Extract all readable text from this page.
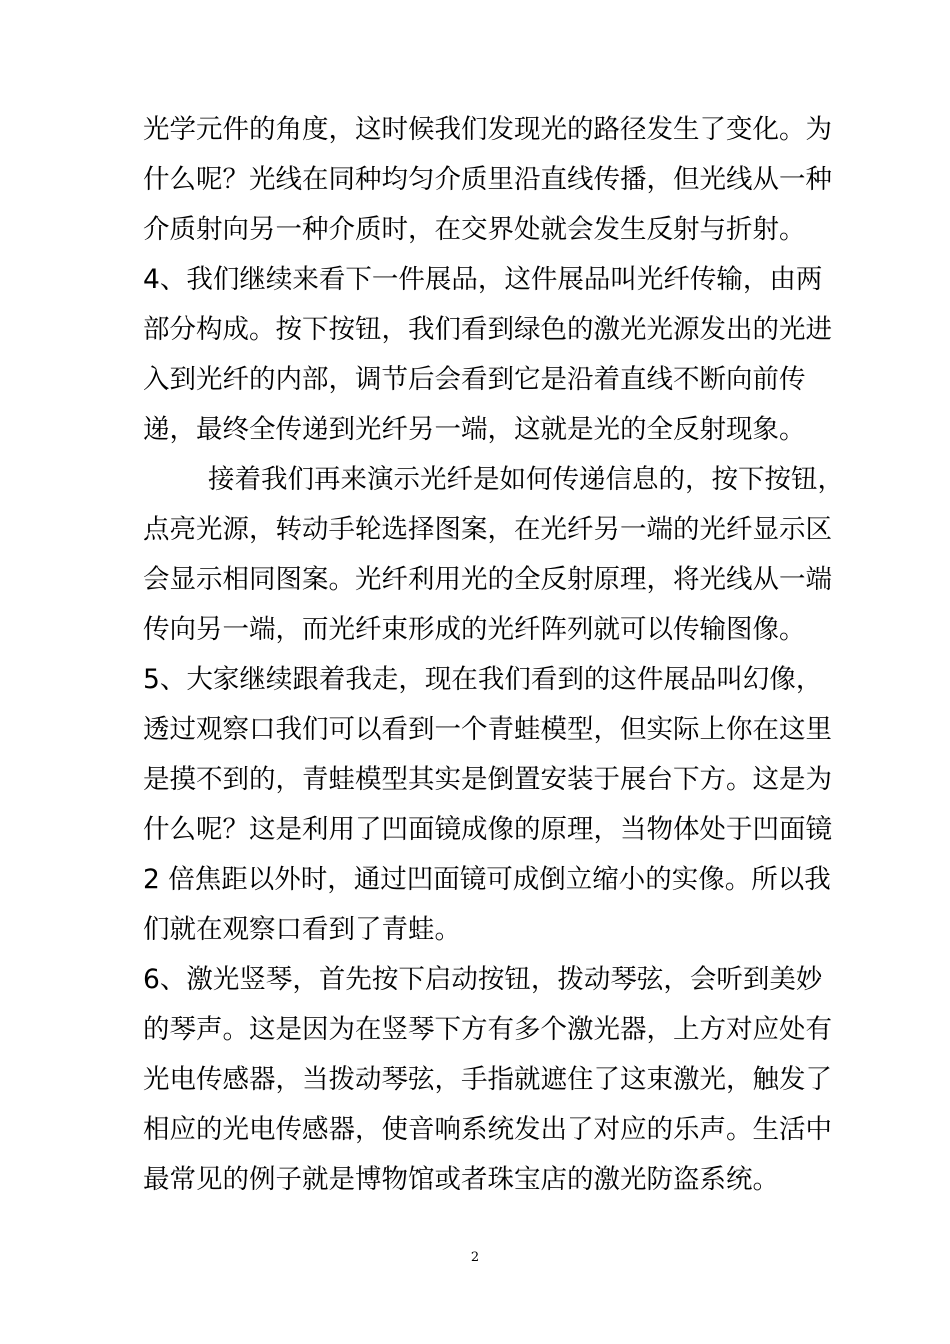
光学元件的角度，这时候我们发现光的路径发生了变化。为
什么呢？光线在同种均匀介质里沿直线传播，但光线从一种
介质射向另一种介质时，在交界处就会发生反射与折射。
4、我们继续来看下一件展品，这件展品叫光纤传输，由两
部分构成。按下按钮，我们看到绿色的激光光源发出的光进
入到光纤的内部，调节后会看到它是沿着直线不断向前传
递，最终全传递到光纤另一端，这就是光的全反射现象。
接着我们再来演示光纤是如何传递信息的，按下按钮，
点亮光源，转动手轮选择图案，在光纤另一端的光纤显示区
会显示相同图案。光纤利用光的全反射原理，将光线从一端
传向另一端，而光纤束形成的光纤阵列就可以传输图像。
5、大家继续跟着我走，现在我们看到的这件展品叫幻像，
透过观察口我们可以看到一个青蛙模型，但实际上你在这里
是摸不到的，青蛙模型其实是倒置安装于展台下方。这是为
什么呢？这是利用了凹面镜成像的原理，当物体处于凹面镜
2 倍焦距以外时，通过凹面镜可成倒立缩小的实像。所以我
们就在观察口看到了青蛙。
6、激光竖琴，首先按下启动按钮，拨动琴弦，会听到美妙
的琴声。这是因为在竖琴下方有多个激光器，上方对应处有
光电传感器，当拨动琴弦，手指就遮住了这束激光，触发了
相应的光电传感器，使音响系统发出了对应的乐声。生活中
最常见的例子就是博物馆或者珠宝店的激光防盗系统。
2
